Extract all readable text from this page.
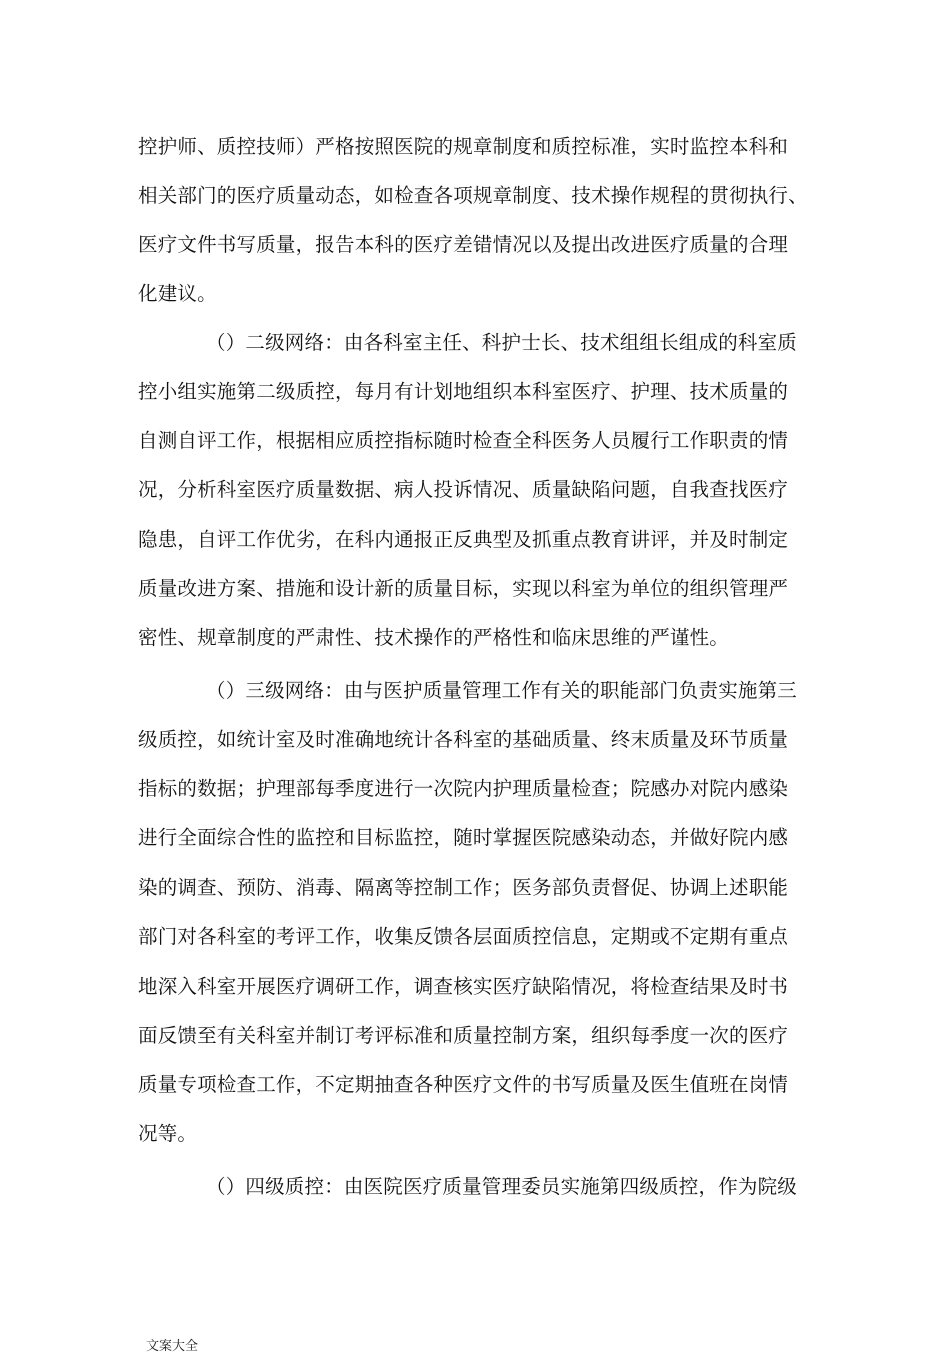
控护师、质控技师）严格按照医院的规章制度和质控标准，实时监控本科和
相关部门的医疗质量动态，如检查各项规章制度、技术操作规程的贯彻执行、
医疗文件书写质量，报告本科的医疗差错情况以及提出改进医疗质量的合理
化建议。
（）二级网络：由各科室主任、科护士长、技术组组长组成的科室质
控小组实施第二级质控，每月有计划地组织本科室医疗、护理、技术质量的
自测自评工作，根据相应质控指标随时检查全科医务人员履行工作职责的情
况，分析科室医疗质量数据、病人投诉情况、质量缺陷问题，自我查找医疗
隐患，自评工作优劣，在科内通报正反典型及抓重点教育讲评，并及时制定
质量改进方案、措施和设计新的质量目标，实现以科室为单位的组织管理严
密性、规章制度的严肃性、技术操作的严格性和临床思维的严谨性。
（）三级网络：由与医护质量管理工作有关的职能部门负责实施第三
级质控，如统计室及时准确地统计各科室的基础质量、终末质量及环节质量
指标的数据；护理部每季度进行一次院内护理质量检查；院感办对院内感染
进行全面综合性的监控和目标监控，随时掌握医院感染动态，并做好院内感
染的调查、预防、消毒、隔离等控制工作；医务部负责督促、协调上述职能
部门对各科室的考评工作，收集反馈各层面质控信息，定期或不定期有重点
地深入科室开展医疗调研工作，调查核实医疗缺陷情况，将检查结果及时书
面反馈至有关科室并制订考评标准和质量控制方案，组织每季度一次的医疗
质量专项检查工作，不定期抽查各种医疗文件的书写质量及医生值班在岗情
况等。
（）四级质控：由医院医疗质量管理委员实施第四级质控，作为院级
文案大全
